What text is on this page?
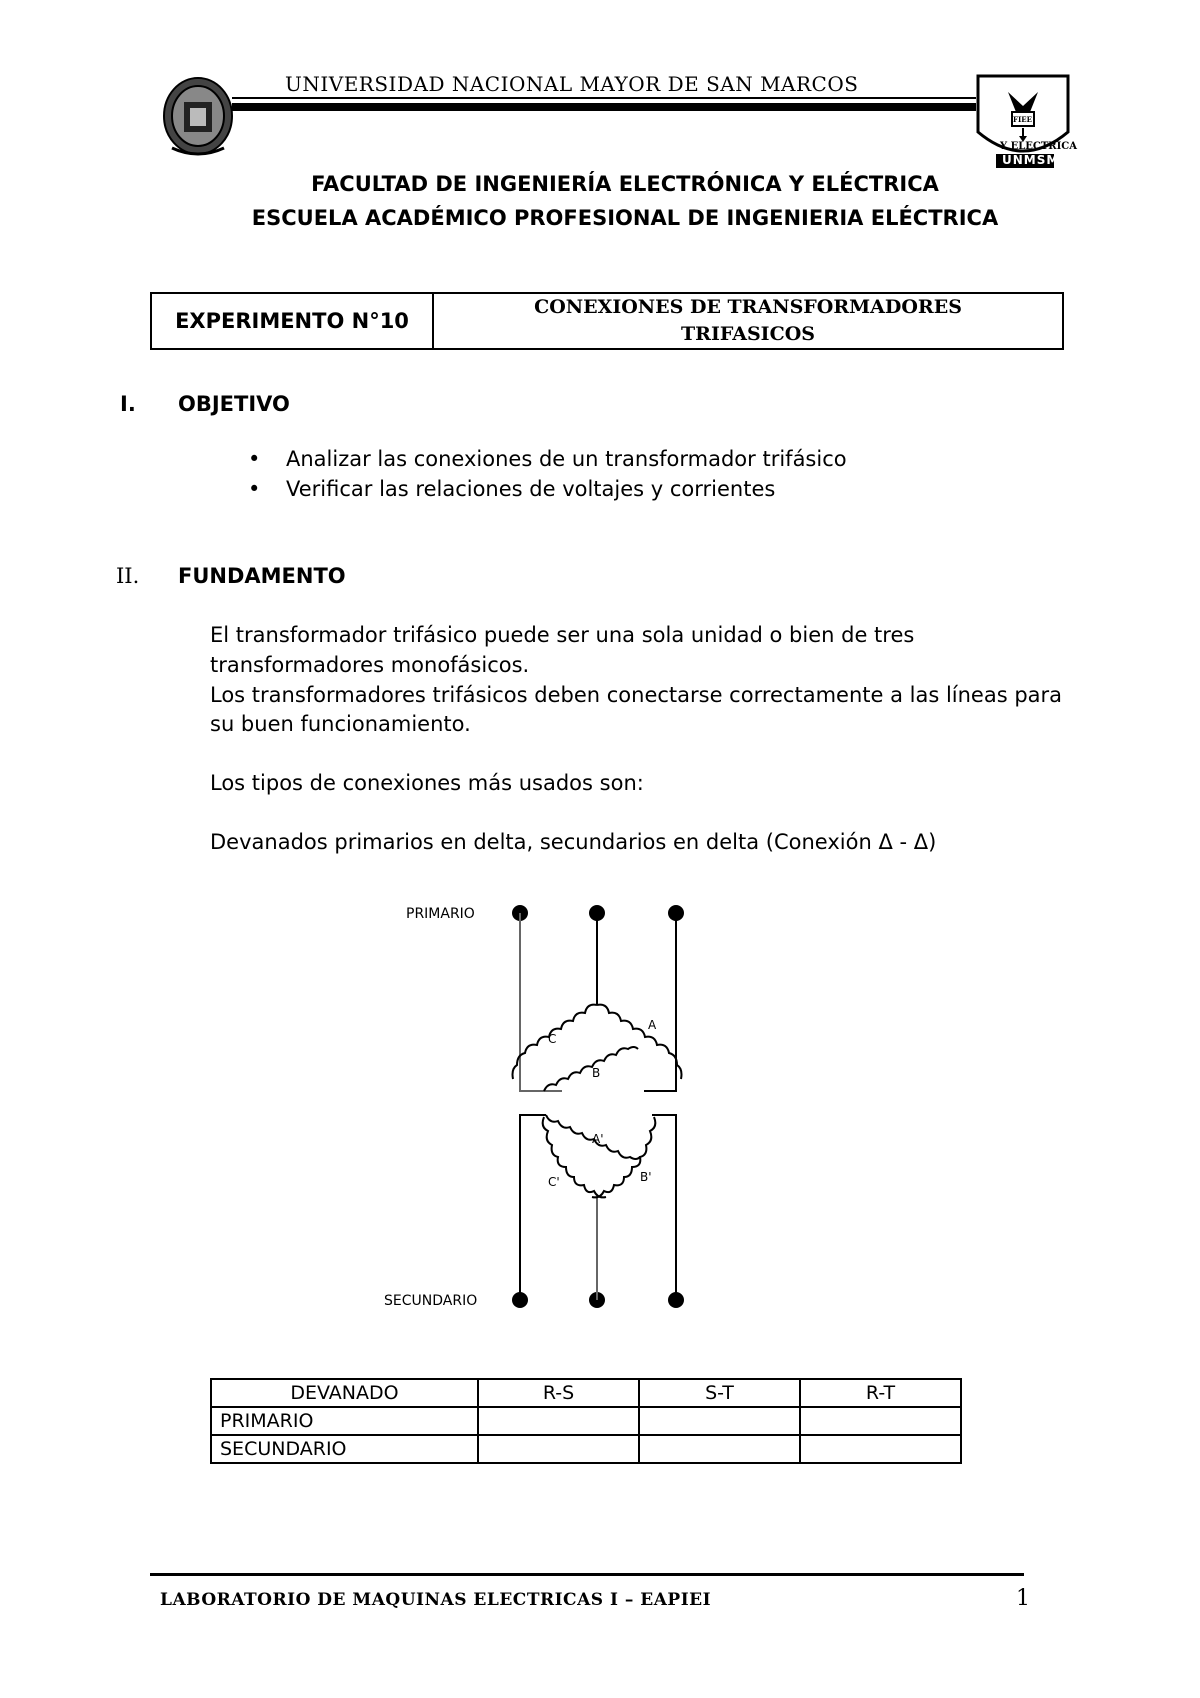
UNIVERSIDAD NACIONAL MAYOR DE SAN MARCOS
FIEE
Y ELECTRICA
UNMSM
FACULTAD DE INGENIERÍA ELECTRÓNICA Y ELÉCTRICA
ESCUELA ACADÉMICO PROFESIONAL DE INGENIERIA ELÉCTRICA
EXPERIMENTO N°10
CONEXIONES DE TRANSFORMADORES
TRIFASICOS
I. OBJETIVO
• Analizar las conexiones de un transformador trifásico
• Verificar las relaciones de voltajes y corrientes
II. FUNDAMENTO
El transformador trifásico puede ser una sola unidad o bien de tres
transformadores monofásicos.
Los transformadores trifásicos deben conectarse correctamente a las líneas para
su buen funcionamiento.
Los tipos de conexiones más usados son:
Devanados primarios en delta, secundarios en delta (Conexión Δ - Δ)
C
A
B
A'
C'	B'
PRIMARIO
SECUNDARIO
DEVANADO	R-S	S-T	R-T
PRIMARIO			
SECUNDARIO			
LABORATORIO DE MAQUINAS ELECTRICAS I – EAPIEI	1
